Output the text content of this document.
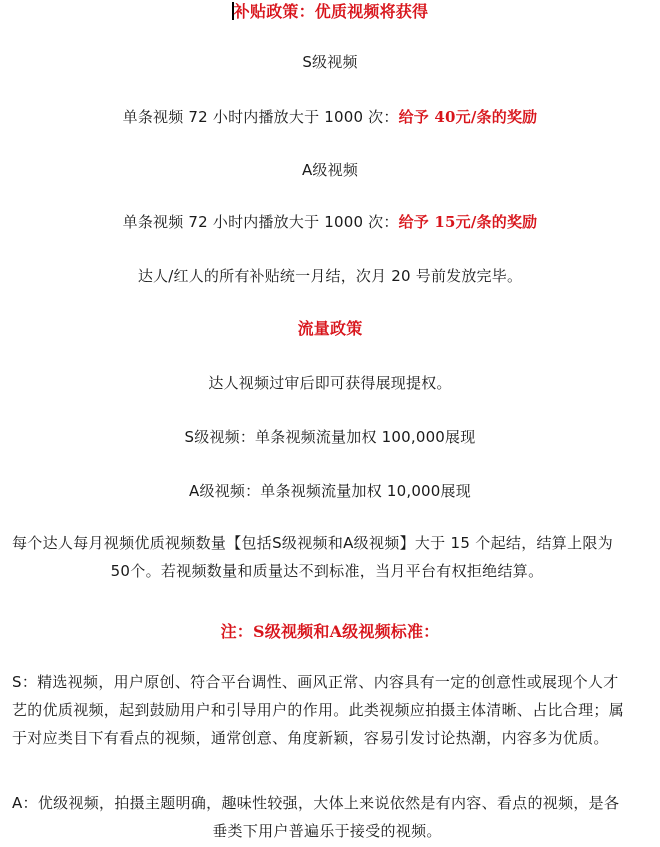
补贴政策：优质视频将获得
S级视频
单条视频 72 小时内播放大于 1000 次：给予 40元/条的奖励
A级视频
单条视频 72 小时内播放大于 1000 次：给予 15元/条的奖励
达人/红人的所有补贴统一月结，次月 20 号前发放完毕。
流量政策
达人视频过审后即可获得展现提权。
S级视频：单条视频流量加权 100,000展现
A级视频：单条视频流量加权 10,000展现
每个达人每月视频优质视频数量【包括S级视频和A级视频】大于 15 个起结，结算上限为
50个。若视频数量和质量达不到标准，当月平台有权拒绝结算。
注：S级视频和A级视频标准：
S：精选视频，用户原创、符合平台调性、画风正常、内容具有一定的创意性或展现个人才
艺的优质视频，起到鼓励用户和引导用户的作用。此类视频应拍摄主体清晰、占比合理；属
于对应类目下有看点的视频，通常创意、角度新颖，容易引发讨论热潮，内容多为优质。
A：优级视频，拍摄主题明确，趣味性较强，大体上来说依然是有内容、看点的视频，是各
垂类下用户普遍乐于接受的视频。
